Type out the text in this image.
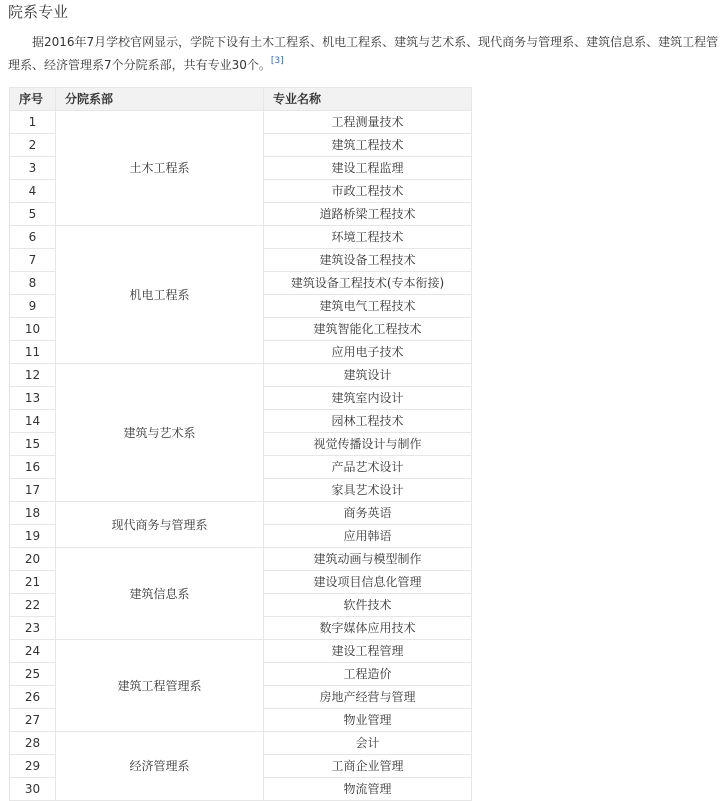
院系专业
据2016年7月学校官网显示，学院下设有土木工程系、机电工程系、建筑与艺术系、现代商务与管理系、建筑信息系、建筑工程管理系、经济管理系7个分院系部，共有专业30个。[3]
序号	分院系部	专业名称
1	土木工程系	工程测量技术
2		建筑工程技术
3		建设工程监理
4		市政工程技术
5		道路桥梁工程技术
6	机电工程系	环境工程技术
7		建筑设备工程技术
8		建筑设备工程技术(专本衔接)
9		建筑电气工程技术
10		建筑智能化工程技术
11		应用电子技术
12	建筑与艺术系	建筑设计
13		建筑室内设计
14		园林工程技术
15		视觉传播设计与制作
16		产品艺术设计
17		家具艺术设计
18	现代商务与管理系	商务英语
19		应用韩语
20	建筑信息系	建筑动画与模型制作
21		建设项目信息化管理
22		软件技术
23		数字媒体应用技术
24	建筑工程管理系	建设工程管理
25		工程造价
26		房地产经营与管理
27		物业管理
28	经济管理系	会计
29		工商企业管理
30		物流管理
